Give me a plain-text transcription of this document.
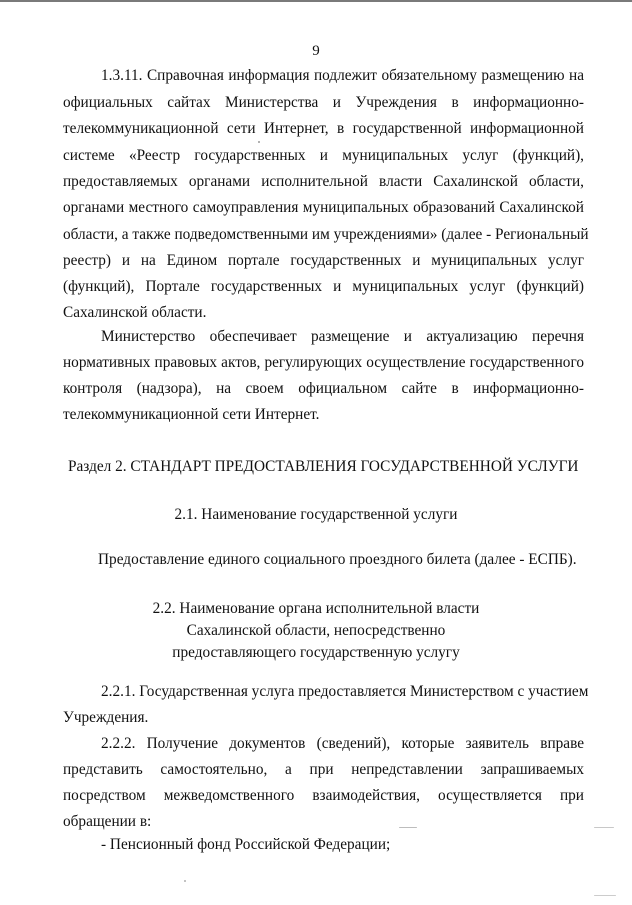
9
1.3.11. Справочная информация подлежит обязательному размещению на
официальных сайтах Министерства и Учреждения в информационно-
телекоммуникационной сети Интернет, в государственной информационной
системе «Реестр государственных и муниципальных услуг (функций),
предоставляемых органами исполнительной власти Сахалинской области,
органами местного самоуправления муниципальных образований Сахалинской
области, а также подведомственными им учреждениями» (далее - Региональный
реестр) и на Едином портале государственных и муниципальных услуг
(функций), Порталe государственных и муниципальных услуг (функций)
Сахалинской области.
Министерство обеспечивает размещение и актуализацию перечня
нормативных правовых актов, регулирующих осуществление государственного
контроля (надзора), на своем официальном сайте в информационно-
телекоммуникационной сети Интернет.
Раздел 2. СТАНДАРТ ПРЕДОСТАВЛЕНИЯ ГОСУДАРСТВЕННОЙ УСЛУГИ
2.1. Наименование государственной услуги
Предоставление единого социального проездного билета (далее - ЕСПБ).
2.2. Наименование органа исполнительной власти
Сахалинской области, непосредственно
предоставляющего государственную услугу
2.2.1. Государственная услуга предоставляется Министерством с участием
Учреждения.
2.2.2. Получение документов (сведений), которые заявитель вправе
представить самостоятельно, а при непредставлении запрашиваемых
посредством межведомственного взаимодействия, осуществляется при
обращении в:
- Пенсионный фонд Российской Федерации;
